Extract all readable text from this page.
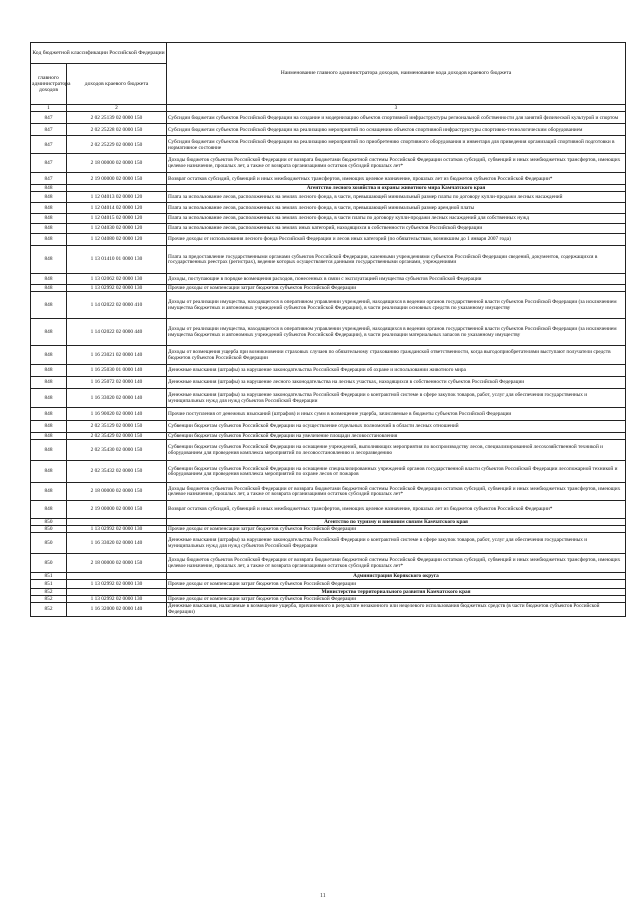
Код бюджетной классификации Российской Федерации		Наименование главного администратора доходов, наименование кода доходов краевого бюджета
главного администратора доходов	доходов краевого бюджета	
1	2	3
847	2 02 25139 02 0000 150	Субсидии бюджетам субъектов Российской Федерации на создание и модернизацию объектов спортивной инфраструктуры региональной собственности для занятий физической культурой и спортом
847	2 02 25228 02 0000 150	Субсидии бюджетам субъектов Российской Федерации на реализацию мероприятий по оснащению объектов спортивной инфраструктуры спортивно-технологическим оборудованием
847	2 02 25229 02 0000 150	Субсидии бюджетам субъектов Российской Федерации на реализацию мероприятий по приобретению спортивного оборудования и инвентаря для приведения организаций спортивной подготовки в нормативное состояние
847	2 18 00000 02 0000 150	Доходы бюджетов субъектов Российской Федерации от возврата бюджетами бюджетной системы Российской Федерации остатков субсидий, субвенций и иных межбюджетных трансфертов, имеющих целевое назначение, прошлых лет, а также от возврата организациями остатков субсидий прошлых лет*
847	2 19 00000 02 0000 150	Возврат остатков субсидий, субвенций и иных межбюджетных трансфертов, имеющих целевое назначение, прошлых лет из бюджетов субъектов Российской Федерации*
848		Агентство лесного хозяйства и охраны животного мира Камчатского края
848	1 12 04013 02 0000 120	Плата за использование лесов, расположенных на землях лесного фонда, в части, превышающей минимальный размер платы по договору купли-продажи лесных насаждений
848	1 12 04014 02 0000 120	Плата за использование лесов, расположенных на землях лесного фонда, в части, превышающей минимальный размер арендной платы
848	1 12 04015 02 0000 120	Плата за использование лесов, расположенных на землях лесного фонда, в части платы по договору купли-продажи лесных насаждений для собственных нужд
848	1 12 04030 02 0000 120	Плата за использование лесов, расположенных на землях иных категорий, находящихся в собственности субъектов Российской Федерации
848	1 12 04080 02 0000 120	Прочие доходы от использования лесного фонда Российской Федерации и лесов иных категорий (по обязательствам, возникшим до 1 января 2007 года)
848	1 13 01410 01 0000 130	Плата за предоставление государственными органами субъектов Российской Федерации, казенными учреждениями субъектов Российской Федерации сведений, документов, содержащихся в государственных реестрах (регистрах), ведение которых осуществляется данными государственными органами, учреждениями
848	1 13 02062 02 0000 130	Доходы, поступающие в порядке возмещения расходов, понесенных в связи с эксплуатацией имущества субъектов Российской Федерации
848	1 13 02992 02 0000 130	Прочие доходы от компенсации затрат бюджетов субъектов Российской Федерации
848	1 14 02022 02 0000 410	Доходы от реализации имущества, находящегося в оперативном управлении учреждений, находящихся в ведении органов государственной власти субъектов Российской Федерации (за исключением имущества бюджетных и автономных учреждений субъектов Российской Федерации), в части реализации основных средств по указанному имуществу
848	1 14 02022 02 0000 440	Доходы от реализации имущества, находящегося в оперативном управлении учреждений, находящихся в ведении органов государственной власти субъектов Российской Федерации (за исключением имущества бюджетных и автономных учреждений субъектов Российской Федерации), в части реализации материальных запасов по указанному имуществу
848	1 16 23021 02 0000 140	Доходы от возмещения ущерба при возникновении страховых случаев по обязательному страхованию гражданской ответственности, когда выгодоприобретателями выступают получатели средств бюджетов субъектов Российской Федерации
848	1 16 25030 01 0000 140	Денежные взыскания (штрафы) за нарушение законодательства Российской Федерации об охране и использовании животного мира
848	1 16 25072 02 0000 140	Денежные взыскания (штрафы) за нарушение лесного законодательства на лесных участках, находящихся в собственности субъектов Российской Федерации
848	1 16 33020 02 0000 140	Денежные взыскания (штрафы) за нарушение законодательства Российской Федерации о контрактной системе в сфере закупок товаров, работ, услуг для обеспечения государственных и муниципальных нужд для нужд субъектов Российской Федерации
848	1 16 90020 02 0000 140	Прочие поступления от денежных взысканий (штрафов) и иных сумм в возмещение ущерба, зачисляемые в бюджеты субъектов Российской Федерации
848	2 02 35129 02 0000 150	Субвенции бюджетам субъектов Российской Федерации на осуществление отдельных полномочий в области лесных отношений
848	2 02 35429 02 0000 150	Субвенции бюджетам субъектов Российской Федерации на увеличение площади лесовосстановления
848	2 02 35430 02 0000 150	Субвенции бюджетам субъектов Российской Федерации на оснащение учреждений, выполняющих мероприятия по воспроизводству лесов, специализированной лесохозяйственной техникой и оборудованием для проведения комплекса мероприятий по лесовосстановлению и лесоразведению
848	2 02 35432 02 0000 150	Субвенции бюджетам субъектов Российской Федерации на оснащение специализированных учреждений органов государственной власти субъектов Российской Федерации лесопожарной техникой и оборудованием для проведения комплекса мероприятий по охране лесов от пожаров
848	2 18 00000 02 0000 150	Доходы бюджетов субъектов Российской Федерации от возврата бюджетами бюджетной системы Российской Федерации остатков субсидий, субвенций и иных межбюджетных трансфертов, имеющих целевое назначение, прошлых лет, а также от возврата организациями остатков субсидий прошлых лет*
848	2 19 00000 02 0000 150	Возврат остатков субсидий, субвенций и иных межбюджетных трансфертов, имеющих целевое назначение, прошлых лет из бюджетов субъектов Российской Федерации*
850		Агентство по туризму и внешним связям Камчатского края
850	1 13 02992 02 0000 130	Прочие доходы от компенсации затрат бюджетов субъектов Российской Федерации
850	1 16 33020 02 0000 140	Денежные взыскания (штрафы) за нарушение законодательства Российской Федерации о контрактной системе в сфере закупок товаров, работ, услуг для обеспечения государственных и муниципальных нужд для нужд субъектов Российской Федерации
850	2 18 00000 02 0000 150	Доходы бюджетов субъектов Российской Федерации от возврата бюджетами бюджетной системы Российской Федерации остатков субсидий, субвенций и иных межбюджетных трансфертов, имеющих целевое назначение, прошлых лет, а также от возврата организациями остатков субсидий прошлых лет*
851		Администрация Корякского округа
851	1 13 02992 02 0000 130	Прочие доходы от компенсации затрат бюджетов субъектов Российской Федерации
852		Министерство территориального развития Камчатского края
852	1 13 02992 02 0000 130	Прочие доходы от компенсации затрат бюджетов субъектов Российской Федерации
852	1 16 32000 02 0000 140	Денежные взыскания, налагаемые в возмещение ущерба, причиненного в результате незаконного или нецелевого использования бюджетных средств (в части бюджетов субъектов Российской Федерации)
11
